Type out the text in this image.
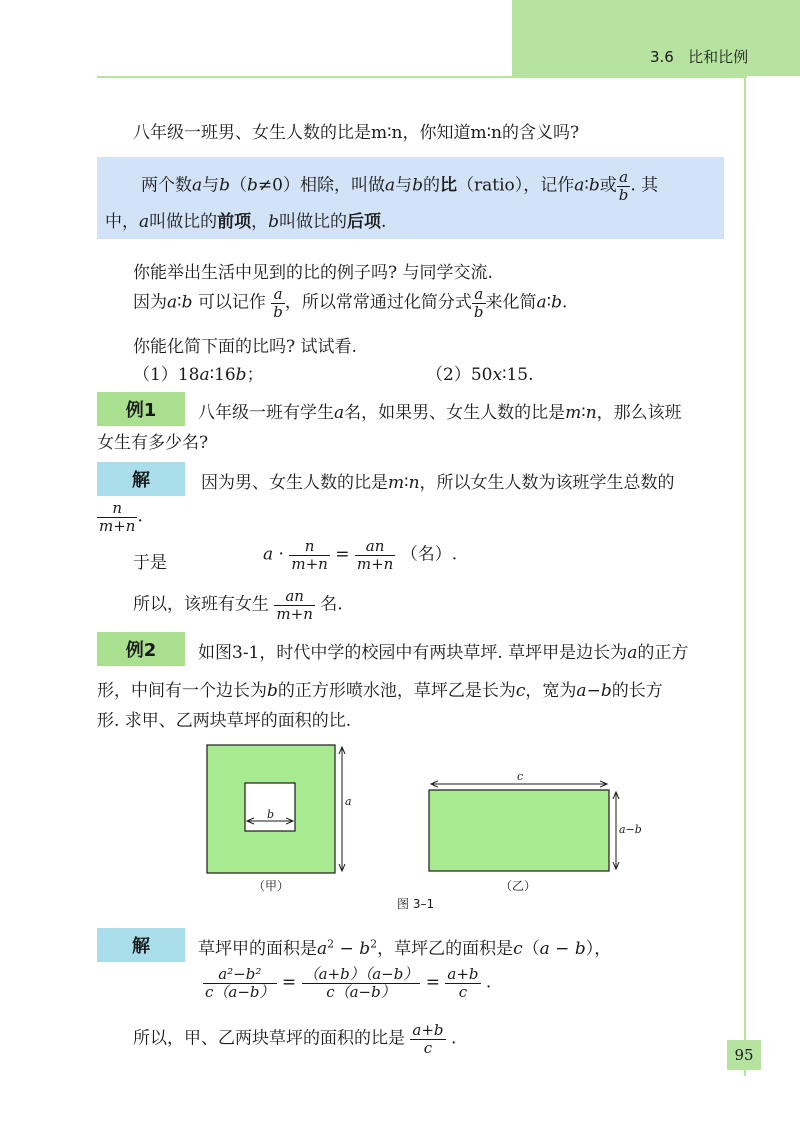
3.6 比和比例
八年级一班男、女生人数的比是m∶n，你知道m∶n的含义吗?
两个数a与b（b≠0）相除，叫做a与b的比（ratio），记作a∶b或 $\frac{a}{b}$ . 其
中，a叫做比的前项，b叫做比的后项.
你能举出生活中见到的比的例子吗? 与同学交流.
因为a∶b 可以记作 $\frac{a}{b}$ ，所以常常通过化简分式 $\frac{a}{b}$ 来化简a∶b.
你能化简下面的比吗? 试试看.
（1）18a∶16b；	（2）50x∶15.
例1	八年级一班有学生a名，如果男、女生人数的比是m∶n，那么该班
女生有多少名?
解	因为男、女生人数的比是m∶n，所以女生人数为该班学生总数的
$\frac{n}{m+n}$ .
于是	$a \cdot \frac{n}{m+n} = \frac{an}{m+n}$ （名）.
所以，该班有女生 $\frac{an}{m+n}$ 名.
例2	如图3-1，时代中学的校园中有两块草坪. 草坪甲是边长为a的正方
形，中间有一个边长为b的正方形喷水池，草坪乙是长为c，宽为a−b的长方
形. 求甲、乙两块草坪的面积的比.
b
a
c
a−b
（甲）	（乙）
图 3–1
解	草坪甲的面积是$a^2 - b^2$，草坪乙的面积是c（a − b），
$\frac{\text{a²−b²}}{c(a-b)} = \frac{(a+b)(a-b)}{c(a-b)} = \frac{a+b}{c}$ .
所以，甲、乙两块草坪的面积的比是 $\frac{a+b}{c}$ .
95
